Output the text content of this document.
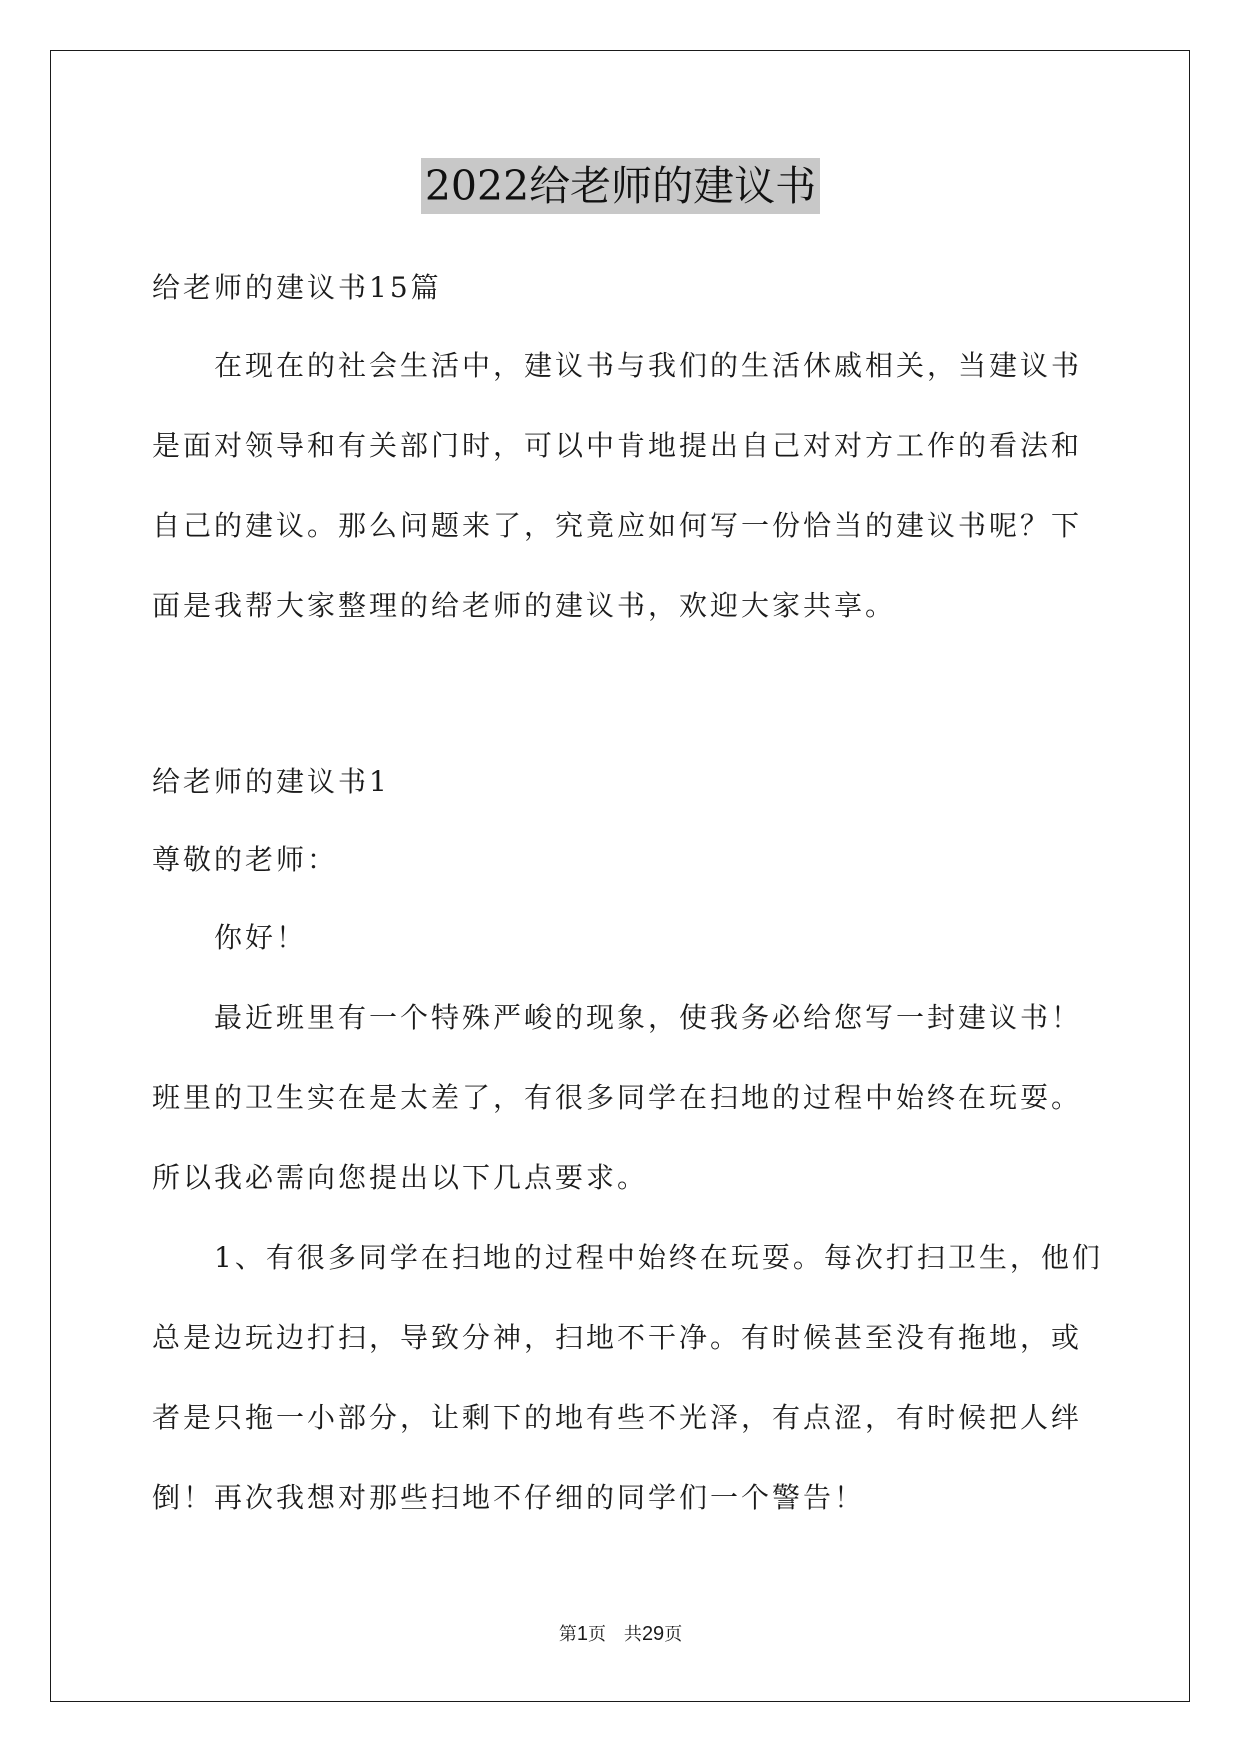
2022给老师的建议书
给老师的建议书15篇
在现在的社会生活中，建议书与我们的生活休戚相关，当建议书
是面对领导和有关部门时，可以中肯地提出自己对对方工作的看法和
自己的建议。那么问题来了，究竟应如何写一份恰当的建议书呢？下
面是我帮大家整理的给老师的建议书，欢迎大家共享。
给老师的建议书1
尊敬的老师：
你好！
最近班里有一个特殊严峻的现象，使我务必给您写一封建议书！
班里的卫生实在是太差了，有很多同学在扫地的过程中始终在玩耍。
所以我必需向您提出以下几点要求。
1、有很多同学在扫地的过程中始终在玩耍。每次打扫卫生，他们
总是边玩边打扫，导致分神，扫地不干净。有时候甚至没有拖地，或
者是只拖一小部分，让剩下的地有些不光泽，有点涩，有时候把人绊
倒！再次我想对那些扫地不仔细的同学们一个警告！
第1页　共29页
